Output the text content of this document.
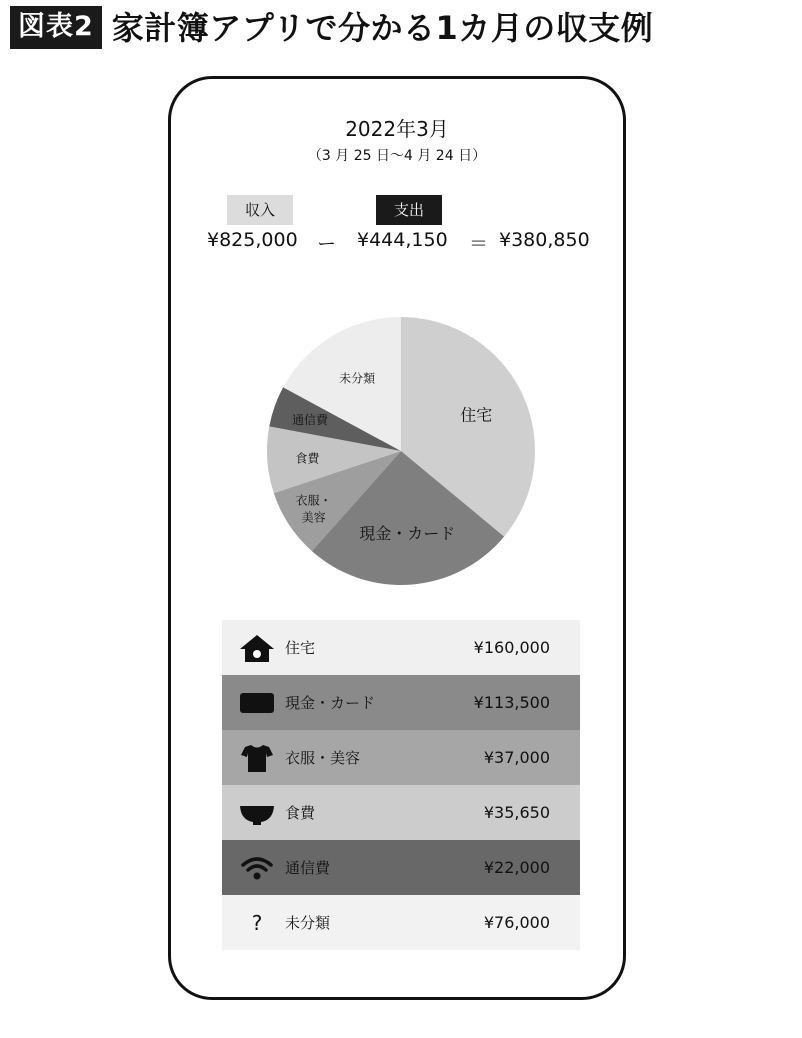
図表2 家計簿アプリで分かる1カ月の収支例
2022年3月
（3 月 25 日〜4 月 24 日）
収入	支出
¥825,000 ー ¥444,150 ＝ ¥380,850
住宅
現金・カード
衣服・美容
食費
通信費
未分類
住宅	¥160,000
現金・カード	¥113,500
衣服・美容	¥37,000
食費	¥35,650
通信費	¥22,000
?	未分類	¥76,000
